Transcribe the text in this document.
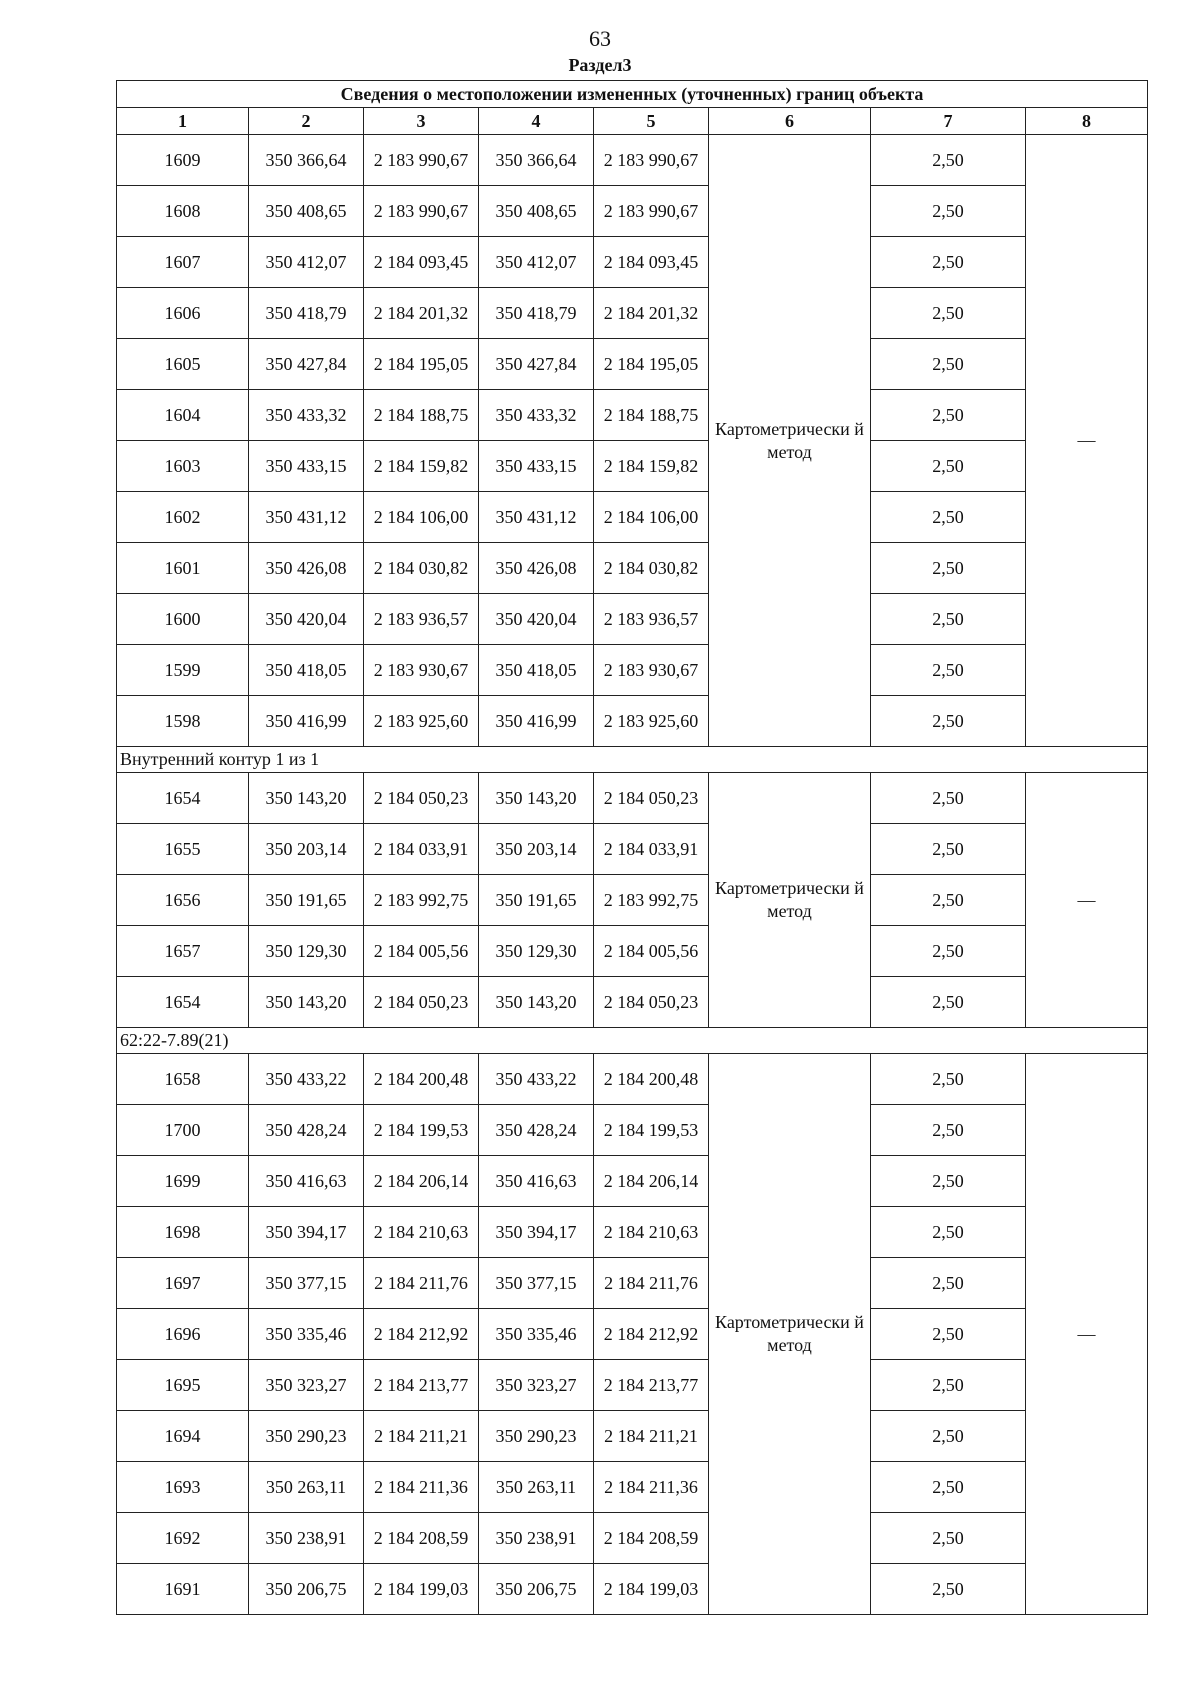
63
Раздел3
Сведения о местоположении измененных (уточненных) границ объекта							
1	2	3	4	5	6	7	8
1609	350 366,64	2 183 990,67	350 366,64	2 183 990,67	Картометрически й метод	2,50	—
1608	350 408,65	2 183 990,67	350 408,65	2 183 990,67		2,50	
1607	350 412,07	2 184 093,45	350 412,07	2 184 093,45		2,50	
1606	350 418,79	2 184 201,32	350 418,79	2 184 201,32		2,50	
1605	350 427,84	2 184 195,05	350 427,84	2 184 195,05		2,50	
1604	350 433,32	2 184 188,75	350 433,32	2 184 188,75		2,50	
1603	350 433,15	2 184 159,82	350 433,15	2 184 159,82		2,50	
1602	350 431,12	2 184 106,00	350 431,12	2 184 106,00		2,50	
1601	350 426,08	2 184 030,82	350 426,08	2 184 030,82		2,50	
1600	350 420,04	2 183 936,57	350 420,04	2 183 936,57		2,50	
1599	350 418,05	2 183 930,67	350 418,05	2 183 930,67		2,50	
1598	350 416,99	2 183 925,60	350 416,99	2 183 925,60		2,50	
Внутренний контур 1 из 1							
1654	350 143,20	2 184 050,23	350 143,20	2 184 050,23	Картометрически й метод	2,50	—
1655	350 203,14	2 184 033,91	350 203,14	2 184 033,91		2,50	
1656	350 191,65	2 183 992,75	350 191,65	2 183 992,75		2,50	
1657	350 129,30	2 184 005,56	350 129,30	2 184 005,56		2,50	
1654	350 143,20	2 184 050,23	350 143,20	2 184 050,23		2,50	
62:22-7.89(21)							
1658	350 433,22	2 184 200,48	350 433,22	2 184 200,48	Картометрически й метод	2,50	—
1700	350 428,24	2 184 199,53	350 428,24	2 184 199,53		2,50	
1699	350 416,63	2 184 206,14	350 416,63	2 184 206,14		2,50	
1698	350 394,17	2 184 210,63	350 394,17	2 184 210,63		2,50	
1697	350 377,15	2 184 211,76	350 377,15	2 184 211,76		2,50	
1696	350 335,46	2 184 212,92	350 335,46	2 184 212,92		2,50	
1695	350 323,27	2 184 213,77	350 323,27	2 184 213,77		2,50	
1694	350 290,23	2 184 211,21	350 290,23	2 184 211,21		2,50	
1693	350 263,11	2 184 211,36	350 263,11	2 184 211,36		2,50	
1692	350 238,91	2 184 208,59	350 238,91	2 184 208,59		2,50	
1691	350 206,75	2 184 199,03	350 206,75	2 184 199,03		2,50	
